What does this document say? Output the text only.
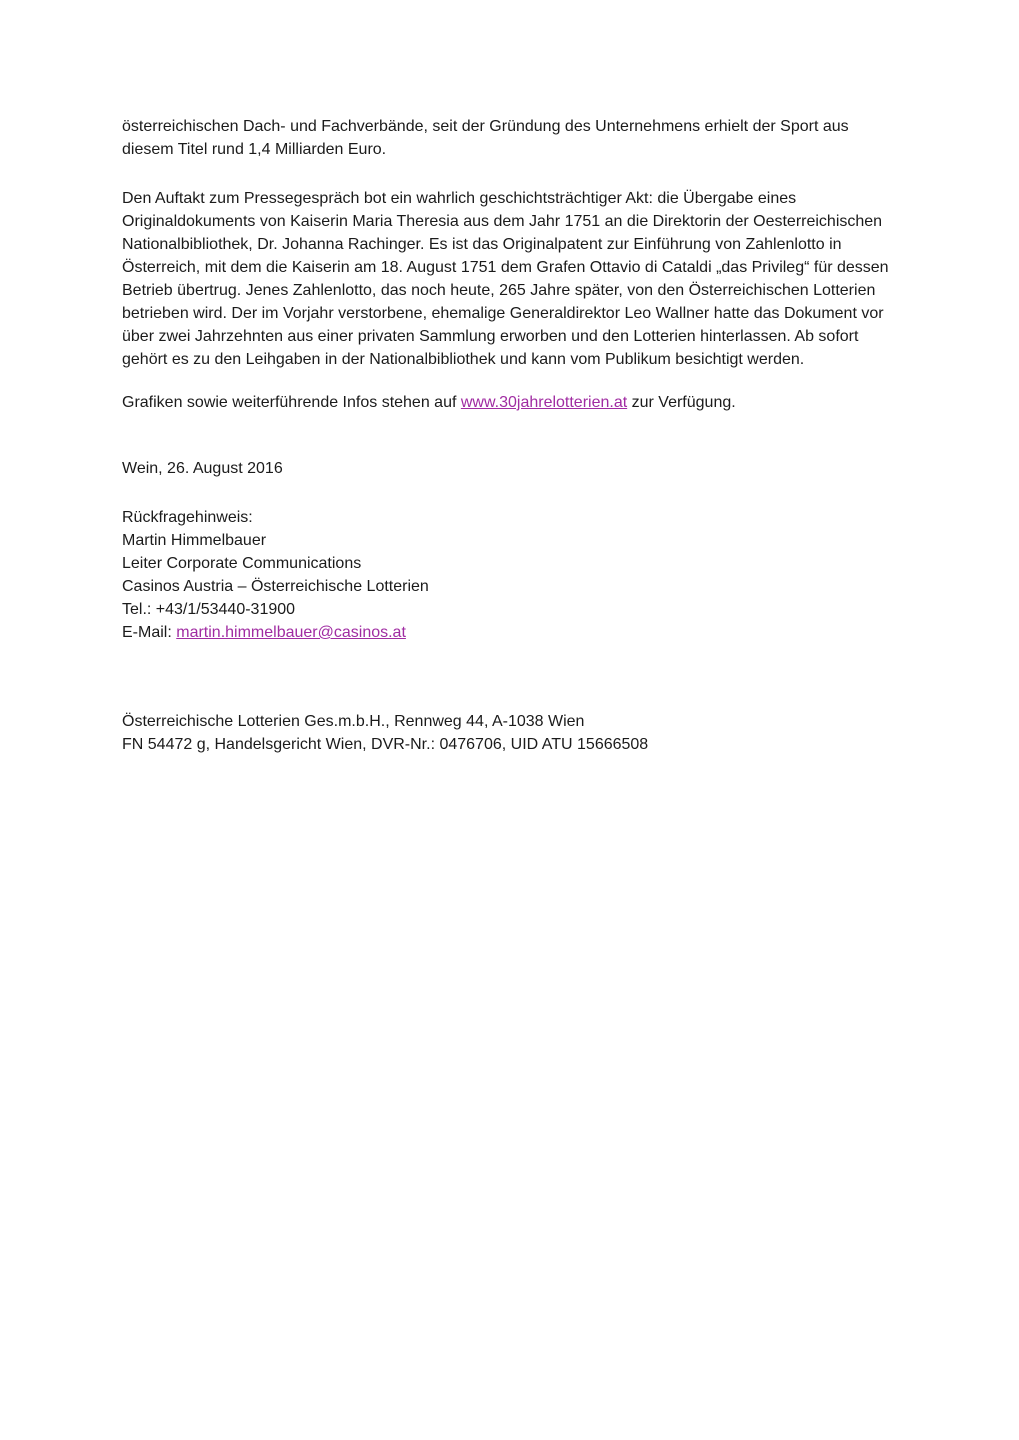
österreichischen Dach- und Fachverbände, seit der Gründung des Unternehmens erhielt der Sport aus diesem Titel rund 1,4 Milliarden Euro.

Den Auftakt zum Pressegespräch bot ein wahrlich geschichtsträchtiger Akt: die Übergabe eines Originaldokuments von Kaiserin Maria Theresia aus dem Jahr 1751 an die Direktorin der Oesterreichischen Nationalbibliothek, Dr. Johanna Rachinger. Es ist das Originalpatent zur Einführung von Zahlenlotto in Österreich, mit dem die Kaiserin am 18. August 1751 dem Grafen Ottavio di Cataldi „das Privileg“ für dessen Betrieb übertrug. Jenes Zahlenlotto, das noch heute, 265 Jahre später, von den Österreichischen Lotterien betrieben wird. Der im Vorjahr verstorbene, ehemalige Generaldirektor Leo Wallner hatte das Dokument vor über zwei Jahrzehnten aus einer privaten Sammlung erworben und den Lotterien hinterlassen. Ab sofort gehört es zu den Leihgaben in der Nationalbibliothek und kann vom Publikum besichtigt werden.

Grafiken sowie weiterführende Infos stehen auf www.30jahrelotterien.at zur Verfügung.

Wein, 26. August 2016

Rückfragehinweis:
Martin Himmelbauer
Leiter Corporate Communications
Casinos Austria – Österreichische Lotterien
Tel.: +43/1/53440-31900
E-Mail: martin.himmelbauer@casinos.at
Österreichische Lotterien Ges.m.b.H., Rennweg 44, A-1038 Wien
FN 54472 g, Handelsgericht Wien, DVR-Nr.: 0476706, UID ATU 15666508
